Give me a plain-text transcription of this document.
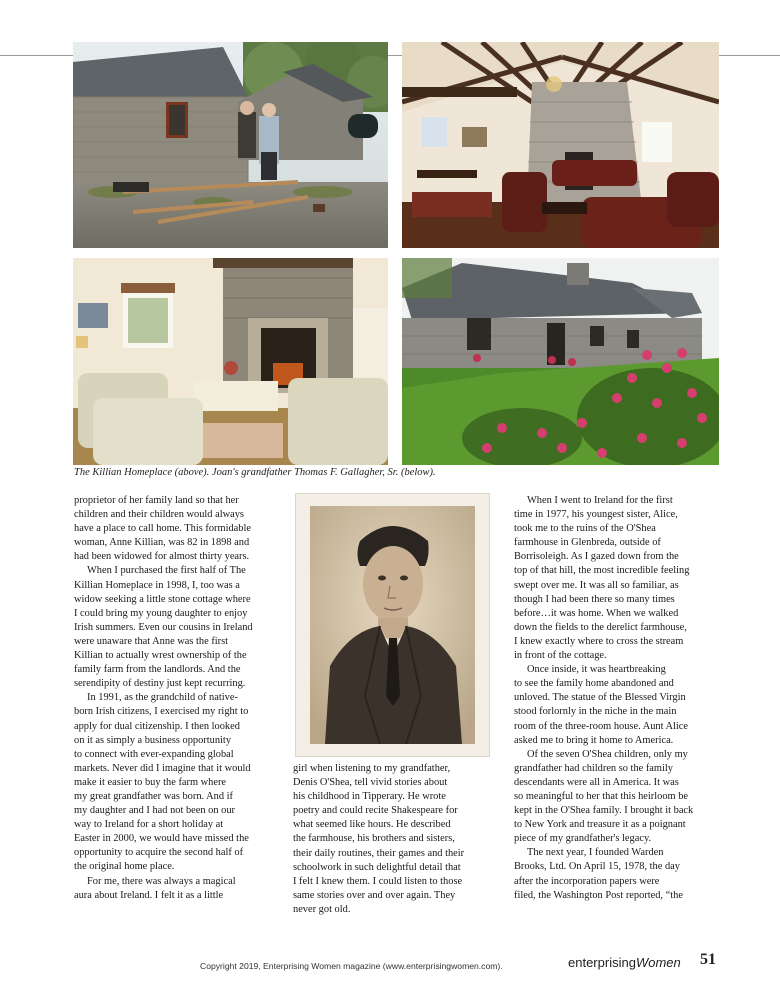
The Killian Homeplace (above). Joan's grandfather Thomas F. Gallagher, Sr. (below).

proprietor of her family land so that her
children and their children would always
have a place to call home. This formidable
woman, Anne Killian, was 82 in 1898 and
had been widowed for almost thirty years.

When I purchased the first half of The
Killian Homeplace in 1998, I, too was a
widow seeking a little stone cottage where
I could bring my young daughter to enjoy
Irish summers. Even our cousins in Ireland
were unaware that Anne was the first
Killian to actually wrest ownership of the
family farm from the landlords. And the
serendipity of destiny just kept recurring.

In 1991, as the grandchild of native-
born Irish citizens, I exercised my right to
apply for dual citizenship. I then looked
on it as simply a business opportunity
to connect with ever-expanding global
markets. Never did I imagine that it would
make it easier to buy the farm where
my great grandfather was born. And if
my daughter and I had not been on our
way to Ireland for a short holiday at
Easter in 2000, we would have missed the
opportunity to acquire the second half of
the original home place.

For me, there was always a magical
aura about Ireland. I felt it as a little

girl when listening to my grandfather,
Denis O'Shea, tell vivid stories about
his childhood in Tipperary. He wrote
poetry and could recite Shakespeare for
what seemed like hours. He described
the farmhouse, his brothers and sisters,
their daily routines, their games and their
schoolwork in such delightful detail that
I felt I knew them. I could listen to those
same stories over and over again. They
never got old.

When I went to Ireland for the first
time in 1977, his youngest sister, Alice,
took me to the ruins of the O'Shea
farmhouse in Glenbreda, outside of
Borrisoleigh. As I gazed down from the
top of that hill, the most incredible feeling
swept over me. It was all so familiar, as
though I had been there so many times
before…it was home. When we walked
down the fields to the derelict farmhouse,
I knew exactly where to cross the stream
in front of the cottage.

Once inside, it was heartbreaking
to see the family home abandoned and
unloved. The statue of the Blessed Virgin
stood forlornly in the niche in the main
room of the three-room house. Aunt Alice
asked me to bring it home to America.

Of the seven O'Shea children, only my
grandfather had children so the family
descendants were all in America. It was
so meaningful to her that this heirloom be
kept in the O'Shea family. I brought it back
to New York and treasure it as a poignant
piece of my grandfather's legacy.

The next year, I founded Warden
Brooks, Ltd. On April 15, 1978, the day
after the incorporation papers were
filed, the Washington Post reported, “the

Copyright 2019, Enterprising Women magazine (www.enterprisingwomen.com).	enterprisingWomen 51
